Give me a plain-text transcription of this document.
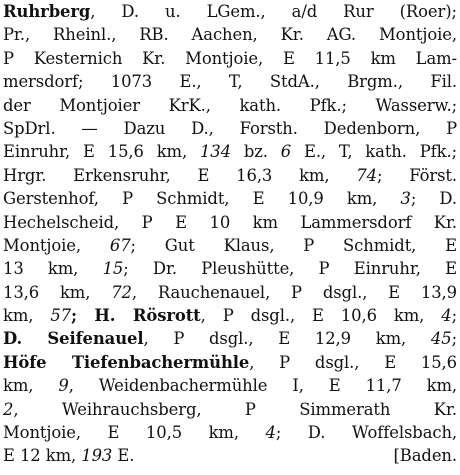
Ruhrberg, D. u. LGem., a/d Rur (Roer);
Pr., Rheinl., RB. Aachen, Kr. AG. Montjoie,
P Kesternich Kr. Montjoie, E 11,5 km Lam-
mersdorf; 1073 E., T, StdA., Brgm., Fil.
der Montjoier KrK., kath. Pfk.; Wasserw.;
SpDrl. — Dazu D., Forsth. Dedenborn, P
Einruhr, E 15,6 km, 134 bz. 6 E., T, kath. Pfk.;
Hrgr. Erkensruhr, E 16,3 km, 74; Först.
Gerstenhof, P Schmidt, E 10,9 km, 3; D.
Hechelscheid, P E 10 km Lammersdorf Kr.
Montjoie, 67; Gut Klaus, P Schmidt, E
13 km, 15; Dr. Pleushütte, P Einruhr, E
13,6 km, 72, Rauchenauel, P dsgl., E 13,9
km, 57; H. Rösrott, P dsgl., E 10,6 km, 4;
D. Seifenauel, P dsgl., E 12,9 km, 45;
Höfe Tiefenbachermühle, P dsgl., E 15,6
km, 9, Weidenbachermühle I, E 11,7 km,
2, Weihrauchsberg, P Simmerath Kr.
Montjoie, E 10,5 km, 4; D. Woffelsbach,
E 12 km, 193 E.	[Baden.
